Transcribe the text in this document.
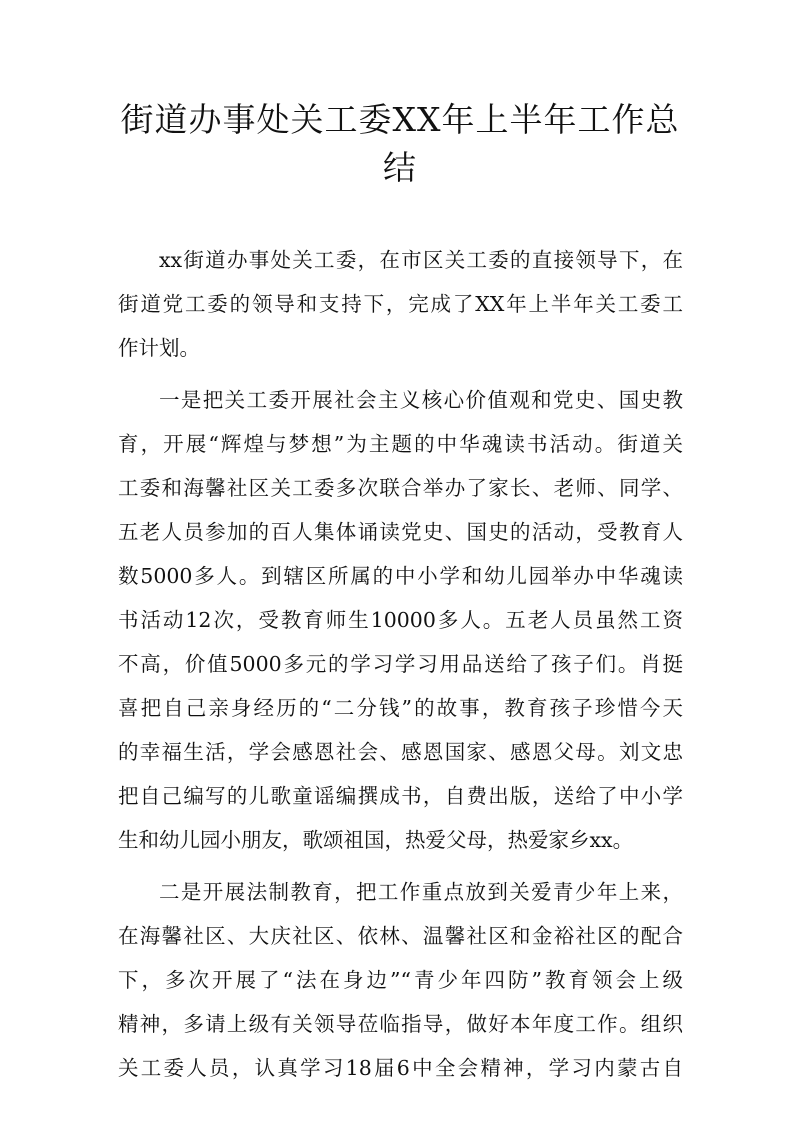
街道办事处关工委XX年上半年工作总
结
xx街道办事处关工委，在市区关工委的直接领导下，在
街道党工委的领导和支持下，完成了XX年上半年关工委工
作计划。
一是把关工委开展社会主义核心价值观和党史、国史教
育，开展“辉煌与梦想”为主题的中华魂读书活动。街道关
工委和海馨社区关工委多次联合举办了家长、老师、同学、
五老人员参加的百人集体诵读党史、国史的活动，受教育人
数5000多人。到辖区所属的中小学和幼儿园举办中华魂读
书活动12次，受教育师生10000多人。五老人员虽然工资
不高，价值5000多元的学习学习用品送给了孩子们。肖挺
喜把自己亲身经历的“二分钱”的故事，教育孩子珍惜今天
的幸福生活，学会感恩社会、感恩国家、感恩父母。刘文忠
把自己编写的儿歌童谣编撰成书，自费出版，送给了中小学
生和幼儿园小朋友，歌颂祖国，热爱父母，热爱家乡xx。
二是开展法制教育，把工作重点放到关爱青少年上来，
在海馨社区、大庆社区、依林、温馨社区和金裕社区的配合
下，多次开展了“法在身边”“青少年四防”教育领会上级
精神，多请上级有关领导莅临指导，做好本年度工作。组织
关工委人员，认真学习18届6中全会精神，学习内蒙古自
